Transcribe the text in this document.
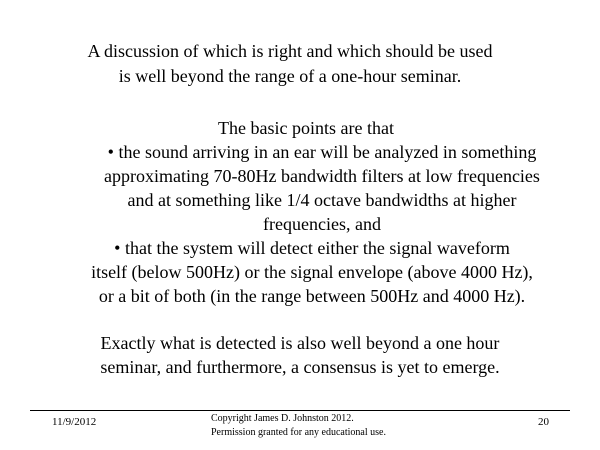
A discussion of which is right and which should be used
is well beyond the range of a one-hour seminar.
The basic points are that
• the sound arriving in an ear will be analyzed in something
approximating 70-80Hz bandwidth filters at low frequencies
and at something like 1/4 octave bandwidths at higher
frequencies, and
• that the system will detect either the signal waveform
itself (below 500Hz) or the signal envelope (above 4000 Hz),
or a bit of both (in the range between 500Hz and 4000 Hz).
Exactly what is detected is also well beyond a one hour
seminar, and furthermore, a consensus is yet to emerge.
11/9/2012	Copyright James D. Johnston 2012.
Permission granted for any educational use.
20
